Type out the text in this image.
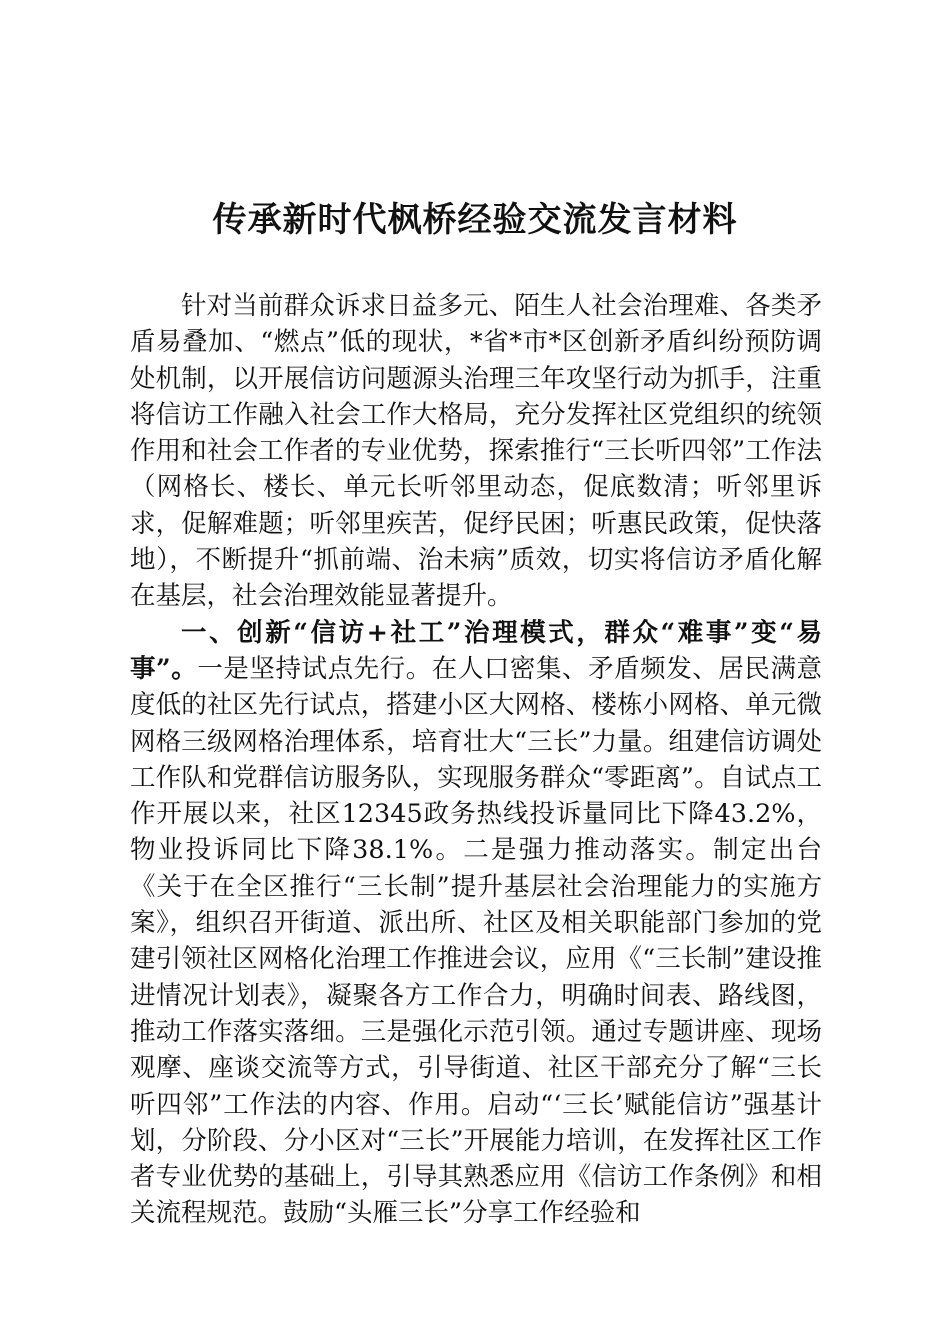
传承新时代枫桥经验交流发言材料

针对当前群众诉求日益多元、陌生人社会治理难、各类矛盾易叠加、“燃点”低的现状，*省*市*区创新矛盾纠纷预防调处机制，以开展信访问题源头治理三年攻坚行动为抓手，注重将信访工作融入社会工作大格局，充分发挥社区党组织的统领作用和社会工作者的专业优势，探索推行“三长听四邻”工作法（网格长、楼长、单元长听邻里动态，促底数清；听邻里诉求，促解难题；听邻里疾苦，促纾民困；听惠民政策，促快落地），不断提升“抓前端、治未病”质效，切实将信访矛盾化解在基层，社会治理效能显著提升。

一、创新“信访+社工”治理模式，群众“难事”变“易事”。一是坚持试点先行。在人口密集、矛盾频发、居民满意度低的社区先行试点，搭建小区大网格、楼栋小网格、单元微网格三级网格治理体系，培育壮大“三长”力量。组建信访调处工作队和党群信访服务队，实现服务群众“零距离”。自试点工作开展以来，社区12345政务热线投诉量同比下降43.2%，物业投诉同比下降38.1%。二是强力推动落实。制定出台《关于在全区推行“三长制”提升基层社会治理能力的实施方案》，组织召开街道、派出所、社区及相关职能部门参加的党建引领社区网格化治理工作推进会议，应用《“三长制”建设推进情况计划表》，凝聚各方工作合力，明确时间表、路线图，推动工作落实落细。三是强化示范引领。通过专题讲座、现场观摩、座谈交流等方式，引导街道、社区干部充分了解“三长听四邻”工作法的内容、作用。启动“‘三长’赋能信访”强基计划，分阶段、分小区对“三长”开展能力培训，在发挥社区工作者专业优势的基础上，引导其熟悉应用《信访工作条例》和相关流程规范。鼓励“头雁三长”分享工作经验和
